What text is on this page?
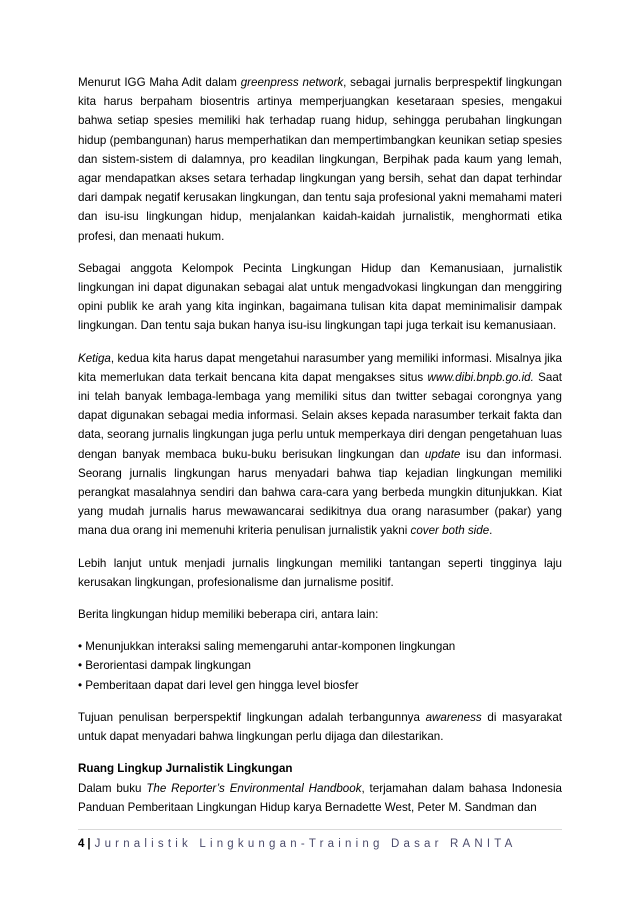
Menurut IGG Maha Adit dalam greenpress network, sebagai jurnalis berprespektif lingkungan kita harus berpaham biosentris artinya memperjuangkan kesetaraan spesies, mengakui bahwa setiap spesies memiliki hak terhadap ruang hidup, sehingga perubahan lingkungan hidup (pembangunan) harus memperhatikan dan mempertimbangkan keunikan setiap spesies dan sistem-sistem di dalamnya, pro keadilan lingkungan, Berpihak pada kaum yang lemah, agar mendapatkan akses setara terhadap lingkungan yang bersih, sehat dan dapat terhindar dari dampak negatif kerusakan lingkungan, dan tentu saja profesional yakni memahami materi dan isu-isu lingkungan hidup, menjalankan kaidah-kaidah jurnalistik, menghormati etika profesi, dan menaati hukum.

Sebagai anggota Kelompok Pecinta Lingkungan Hidup dan Kemanusiaan, jurnalistik lingkungan ini dapat digunakan sebagai alat untuk mengadvokasi lingkungan dan menggiring opini publik ke arah yang kita inginkan, bagaimana tulisan kita dapat meminimalisir dampak lingkungan. Dan tentu saja bukan hanya isu-isu lingkungan tapi juga terkait isu kemanusiaan.

Ketiga, kedua kita harus dapat mengetahui narasumber yang memiliki informasi. Misalnya jika kita memerlukan data terkait bencana kita dapat mengakses situs www.dibi.bnpb.go.id. Saat ini telah banyak lembaga-lembaga yang memiliki situs dan twitter sebagai corongnya yang dapat digunakan sebagai media informasi. Selain akses kepada narasumber terkait fakta dan data, seorang jurnalis lingkungan juga perlu untuk memperkaya diri dengan pengetahuan luas dengan banyak membaca buku-buku berisukan lingkungan dan update isu dan informasi. Seorang jurnalis lingkungan harus menyadari bahwa tiap kejadian lingkungan memiliki perangkat masalahnya sendiri dan bahwa cara-cara yang berbeda mungkin ditunjukkan. Kiat yang mudah jurnalis harus mewawancarai sedikitnya dua orang narasumber (pakar) yang mana dua orang ini memenuhi kriteria penulisan jurnalistik yakni cover both side.

Lebih lanjut untuk menjadi jurnalis lingkungan memiliki tantangan seperti tingginya laju kerusakan lingkungan, profesionalisme dan jurnalisme positif.

Berita lingkungan hidup memiliki beberapa ciri, antara lain:

• Menunjukkan interaksi saling memengaruhi antar-komponen lingkungan
• Berorientasi dampak lingkungan
• Pemberitaan dapat dari level gen hingga level biosfer

Tujuan penulisan berperspektif lingkungan adalah terbangunnya awareness di masyarakat untuk dapat menyadari bahwa lingkungan perlu dijaga dan dilestarikan.

Ruang Lingkup Jurnalistik Lingkungan

Dalam buku The Reporter’s Environmental Handbook, terjamahan dalam bahasa Indonesia Panduan Pemberitaan Lingkungan Hidup karya Bernadette West, Peter M. Sandman dan

4 | Jurnalistik Lingkungan-Training Dasar RANITA
